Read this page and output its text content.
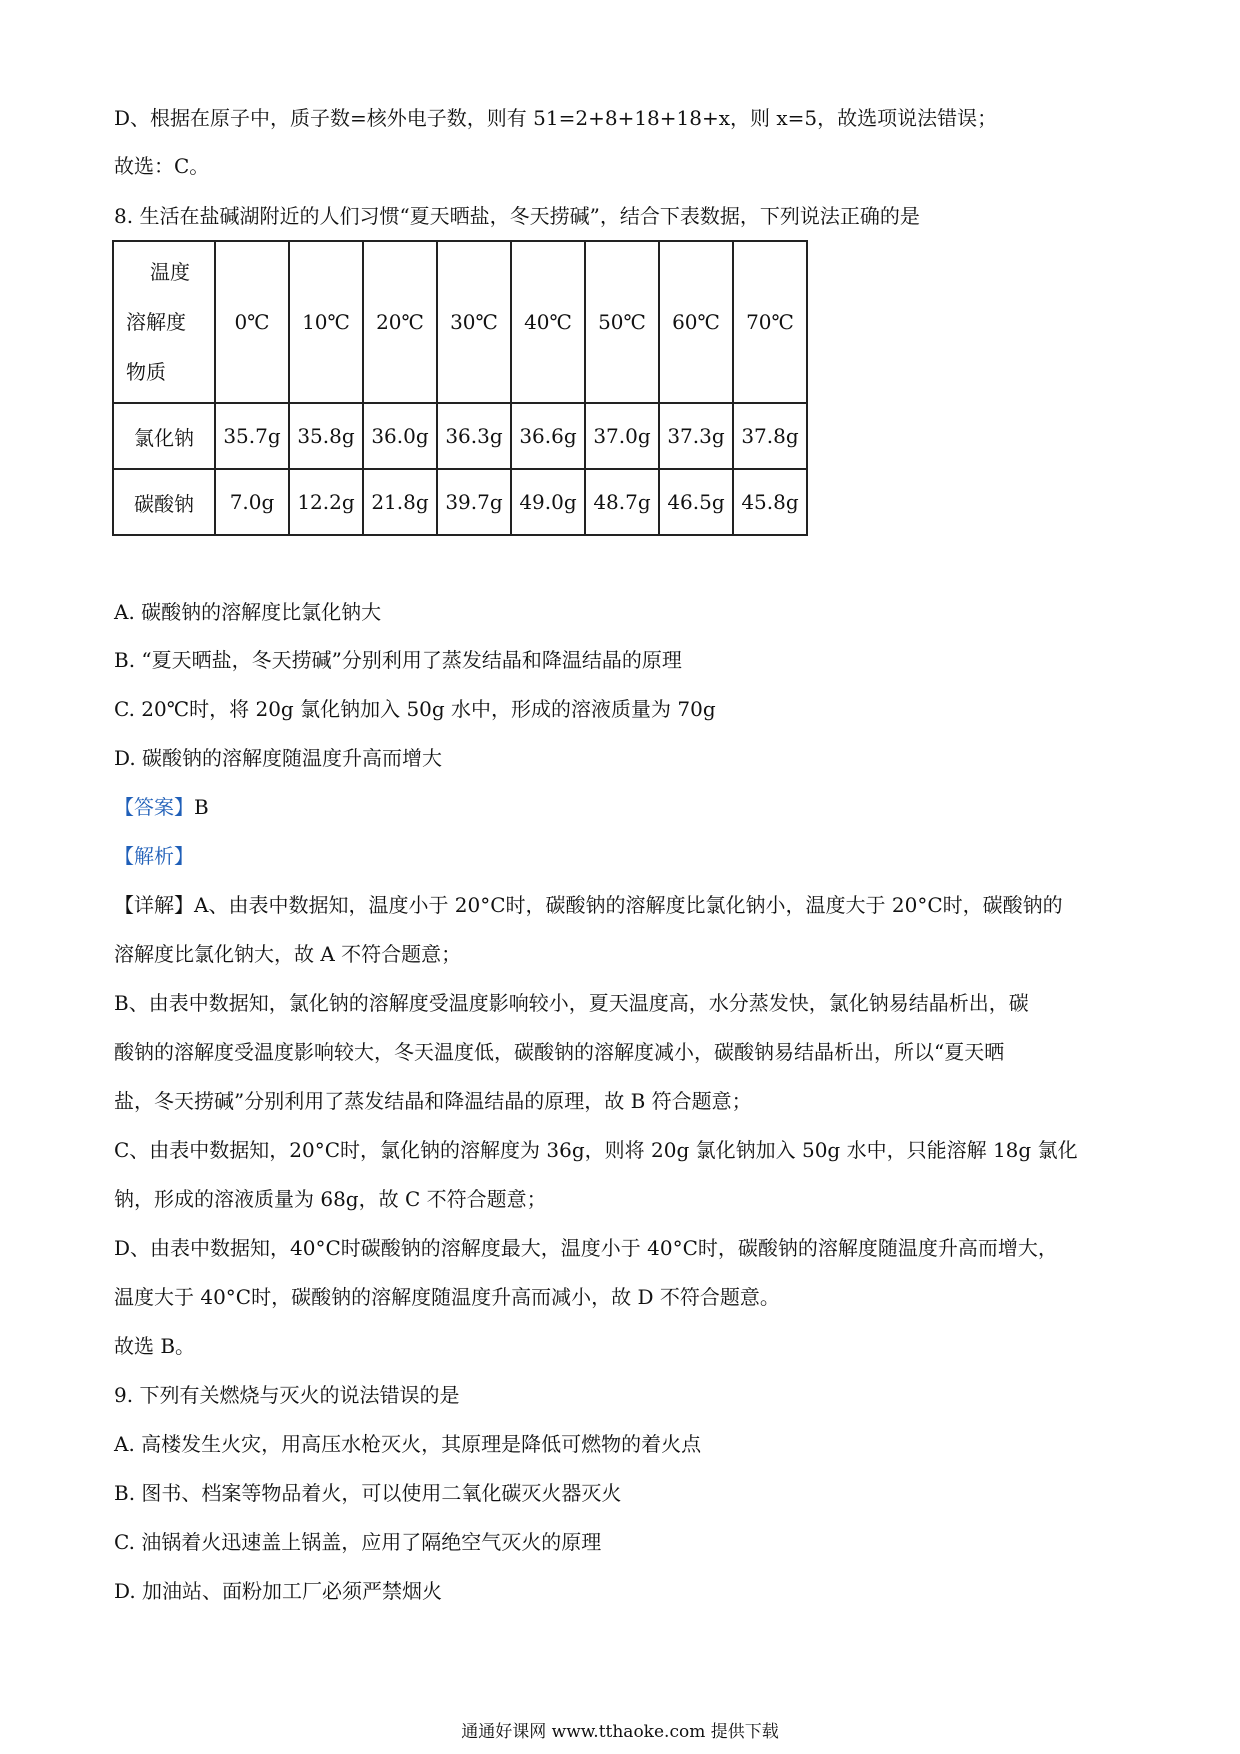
D、根据在原子中，质子数=核外电子数，则有 51=2+8+18+18+x，则 x=5，故选项说法错误；
故选：C。
8. 生活在盐碱湖附近的人们习惯“夏天晒盐，冬天捞碱”，结合下表数据，下列说法正确的是
温度
溶解度
物质	0℃	10℃	20℃	30℃	40℃	50℃	60℃	70℃
氯化钠	35.7g	35.8g	36.0g	36.3g	36.6g	37.0g	37.3g	37.8g
碳酸钠	7.0g	12.2g	21.8g	39.7g	49.0g	48.7g	46.5g	45.8g
A. 碳酸钠的溶解度比氯化钠大
B. “夏天晒盐，冬天捞碱”分别利用了蒸发结晶和降温结晶的原理
C. 20℃时，将 20g 氯化钠加入 50g 水中，形成的溶液质量为 70g
D. 碳酸钠的溶解度随温度升高而增大
【答案】B
【解析】
【详解】A、由表中数据知，温度小于 20°C时，碳酸钠的溶解度比氯化钠小，温度大于 20°C时，碳酸钠的
溶解度比氯化钠大，故 A 不符合题意；
B、由表中数据知，氯化钠的溶解度受温度影响较小，夏天温度高，水分蒸发快，氯化钠易结晶析出，碳
酸钠的溶解度受温度影响较大，冬天温度低，碳酸钠的溶解度减小，碳酸钠易结晶析出，所以“夏天晒
盐，冬天捞碱”分别利用了蒸发结晶和降温结晶的原理，故 B 符合题意；
C、由表中数据知，20°C时，氯化钠的溶解度为 36g，则将 20g 氯化钠加入 50g 水中，只能溶解 18g 氯化
钠，形成的溶液质量为 68g，故 C 不符合题意；
D、由表中数据知，40°C时碳酸钠的溶解度最大，温度小于 40°C时，碳酸钠的溶解度随温度升高而增大，
温度大于 40°C时，碳酸钠的溶解度随温度升高而减小，故 D 不符合题意。
故选 B。
9. 下列有关燃烧与灭火的说法错误的是
A. 高楼发生火灾，用高压水枪灭火，其原理是降低可燃物的着火点
B. 图书、档案等物品着火，可以使用二氧化碳灭火器灭火
C. 油锅着火迅速盖上锅盖，应用了隔绝空气灭火的原理
D. 加油站、面粉加工厂必须严禁烟火
通通好课网 www.tthaoke.com 提供下载
